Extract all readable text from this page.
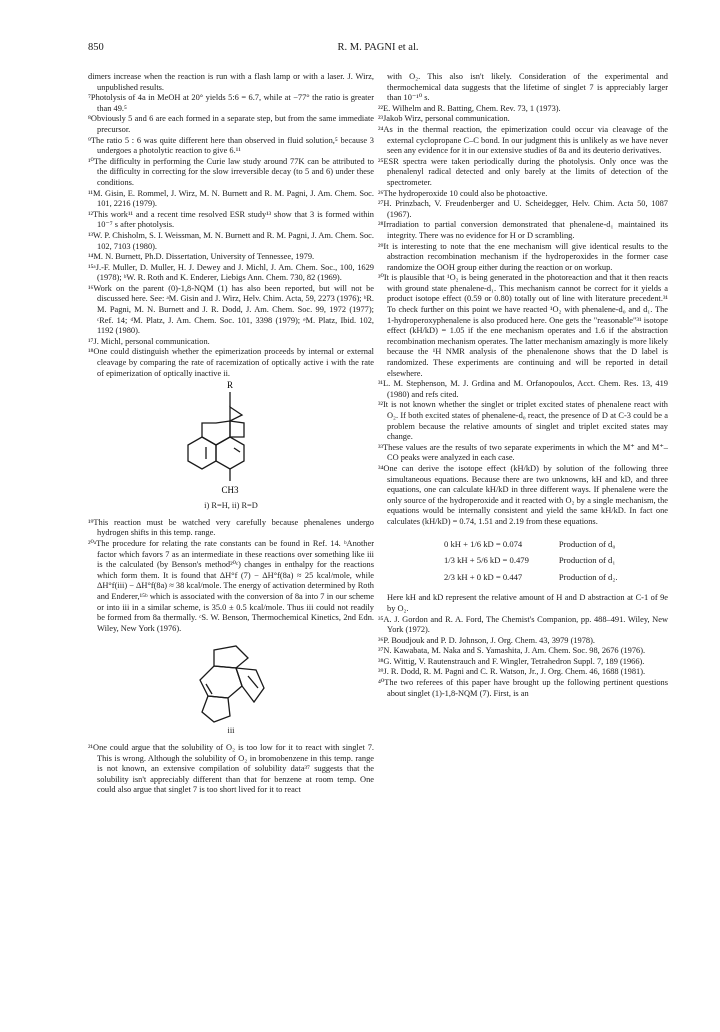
850	R. M. PAGNI et al.

dimers increase when the reaction is run with a flash lamp or with a laser. J. Wirz, unpublished results.

⁷Photolysis of 4a in MeOH at 20° yields 5:6 = 6.7, while at −77° the ratio is greater than 49.⁵

⁸Obviously 5 and 6 are each formed in a separate step, but from the same immediate precursor.

⁹The ratio 5 : 6 was quite different here than observed in fluid solution,⁵ because 3 undergoes a photolytic reaction to give 6.¹¹

¹⁰The difficulty in performing the Curie law study around 77K can be attributed to the difficulty in correcting for the slow irreversible decay (to 5 and 6) under these conditions.

¹¹M. Gisin, E. Rommel, J. Wirz, M. N. Burnett and R. M. Pagni, J. Am. Chem. Soc. 101, 2216 (1979).

¹²This work¹¹ and a recent time resolved ESR study¹³ show that 3 is formed within 10⁻⁷ s after photolysis.

¹³W. P. Chisholm, S. I. Weissman, M. N. Burnett and R. M. Pagni, J. Am. Chem. Soc. 102, 7103 (1980).

¹⁴M. N. Burnett, Ph.D. Dissertation, University of Tennessee, 1979.

¹⁵ᵃJ.-F. Muller, D. Muller, H. J. Dewey and J. Michl, J. Am. Chem. Soc., 100, 1629 (1978); ᵇW. R. Roth and K. Enderer, Liebigs Ann. Chem. 730, 82 (1969).

¹⁶Work on the parent (0)-1,8-NQM (1) has also been reported, but will not be discussed here. See: ᵃM. Gisin and J. Wirz, Helv. Chim. Acta, 59, 2273 (1976); ᵇR. M. Pagni, M. N. Burnett and J. R. Dodd, J. Am. Chem. Soc. 99, 1972 (1977); ᶜRef. 14; ᵈM. Platz, J. Am. Chem. Soc. 101, 3398 (1979); ᵉM. Platz, Ibid. 102, 1192 (1980).

¹⁷J. Michl, personal communication.

¹⁸One could distinguish whether the epimerization proceeds by internal or external cleavage by comparing the rate of racemization of optically active i with the rate of epimerization of optically inactive ii.

R
CH3

i) R=H, ii) R=D

¹⁹This reaction must be watched very carefully because phenalenes undergo hydrogen shifts in this temp. range.

²⁰ᵃThe procedure for relating the rate constants can be found in Ref. 14. ᵇAnother factor which favors 7 as an intermediate in these reactions over something like iii is the calculated (by Benson's method²⁰ᶜ) changes in enthalpy for the reactions which form them. It is found that ΔH°f (7) − ΔH°f(8a) ≈ 25 kcal/mole, while ΔH°f(iii) − ΔH°f(8a) ≈ 38 kcal/mole. The energy of activation determined by Roth and Enderer,¹⁵ᵇ which is associated with the conversion of 8a into 7 in our scheme or into iii in a similar scheme, is 35.0 ± 0.5 kcal/mole. Thus iii could not readily be formed from 8a thermally. ᶜS. W. Benson, Thermochemical Kinetics, 2nd Edn. Wiley, New York (1976).

iii

²¹One could argue that the solubility of O₂ is too low for it to react with singlet 7. This is wrong. Although the solubility of O₂ in bromobenzene in this temp. range is not known, an extensive compilation of solubility data³⁷ suggests that the solubility isn't appreciably different than that for benzene at room temp. One could also argue that singlet 7 is too short lived for it to react

with O₂. This also isn't likely. Consideration of the experimental and thermochemical data suggests that the lifetime of singlet 7 is appreciably larger than 10⁻¹⁰ s.

²²E. Wilhelm and R. Batting, Chem. Rev. 73, 1 (1973).

²³Jakob Wirz, personal communication.

²⁴As in the thermal reaction, the epimerization could occur via cleavage of the external cyclopropane C–C bond. In our judgment this is unlikely as we have never seen any evidence for it in our extensive studies of 8a and its deuterio derivatives.

²⁵ESR spectra were taken periodically during the photolysis. Only once was the phenalenyl radical detected and only barely at the limits of detection of the spectrometer.

²⁶The hydroperoxide 10 could also be photoactive.

²⁷H. Prinzbach, V. Freudenberger and U. Scheidegger, Helv. Chim. Acta 50, 1087 (1967).

²⁸Irradiation to partial conversion demonstrated that phenalene-d₁ maintained its integrity. There was no evidence for H or D scrambling.

²⁹It is interesting to note that the ene mechanism will give identical results to the abstraction recombination mechanism if the hydroperoxides in the former case randomize the OOH group either during the reaction or on workup.

³⁰It is plausible that ¹O₂ is being generated in the photoreaction and that it then reacts with ground state phenalene-d₁. This mechanism cannot be correct for it yields a product isotope effect (0.59 or 0.80) totally out of line with literature precedent.³¹ To check further on this point we have reacted ¹O₂ with phenalene-d₀ and d₁. The 1-hydroperoxyphenalene is also produced here. One gets the "reasonable"³¹ isotope effect (kH/kD) = 1.05 if the ene mechanism operates and 1.6 if the abstraction recombination mechanism operates. The latter mechanism amazingly is more likely because the ¹H NMR analysis of the phenalenone shows that the D label is randomized. These experiments are continuing and will be reported in detail elsewhere.

³¹L. M. Stephenson, M. J. Grdina and M. Orfanopoulos, Acct. Chem. Res. 13, 419 (1980) and refs cited.

³²It is not known whether the singlet or triplet excited states of phenalene react with O₂. If both excited states of phenalene-d₀ react, the presence of D at C-3 could be a problem because the relative amounts of singlet and triplet excited states may change.

³³These values are the results of two separate experiments in which the M⁺ and M⁺–CO peaks were analyzed in each case.

³⁴One can derive the isotope effect (kH/kD) by solution of the following three simultaneous equations. Because there are two unknowns, kH and kD, and three equations, one can calculate kH/kD in three different ways. If phenalene were the only source of the hydroperoxide and it reacted with O₂ by a single mechanism, the equations would be internally consistent and yield the same kH/kD. In fact one calculates (kH/kD) = 0.74, 1.51 and 2.19 from these equations.

0 kH + 1/6 kD = 0.074	Production of d₀
1/3 kH + 5/6 kD = 0.479	Production of d₁
2/3 kH + 0 kD = 0.447	Production of d₂.

Here kH and kD represent the relative amount of H and D abstraction at C-1 of 9e by O₂.

³⁵A. J. Gordon and R. A. Ford, The Chemist's Companion, pp. 488–491. Wiley, New York (1972).

³⁶P. Boudjouk and P. D. Johnson, J. Org. Chem. 43, 3979 (1978).

³⁷N. Kawabata, M. Naka and S. Yamashita, J. Am. Chem. Soc. 98, 2676 (1976).

³⁸G. Wittig, V. Rautenstrauch and F. Wingler, Tetrahedron Suppl. 7, 189 (1966).

³⁹J. R. Dodd, R. M. Pagni and C. R. Watson, Jr., J. Org. Chem. 46, 1688 (1981).

⁴⁰The two referees of this paper have brought up the following pertinent questions about singlet (1)-1,8-NQM (7). First, is an
